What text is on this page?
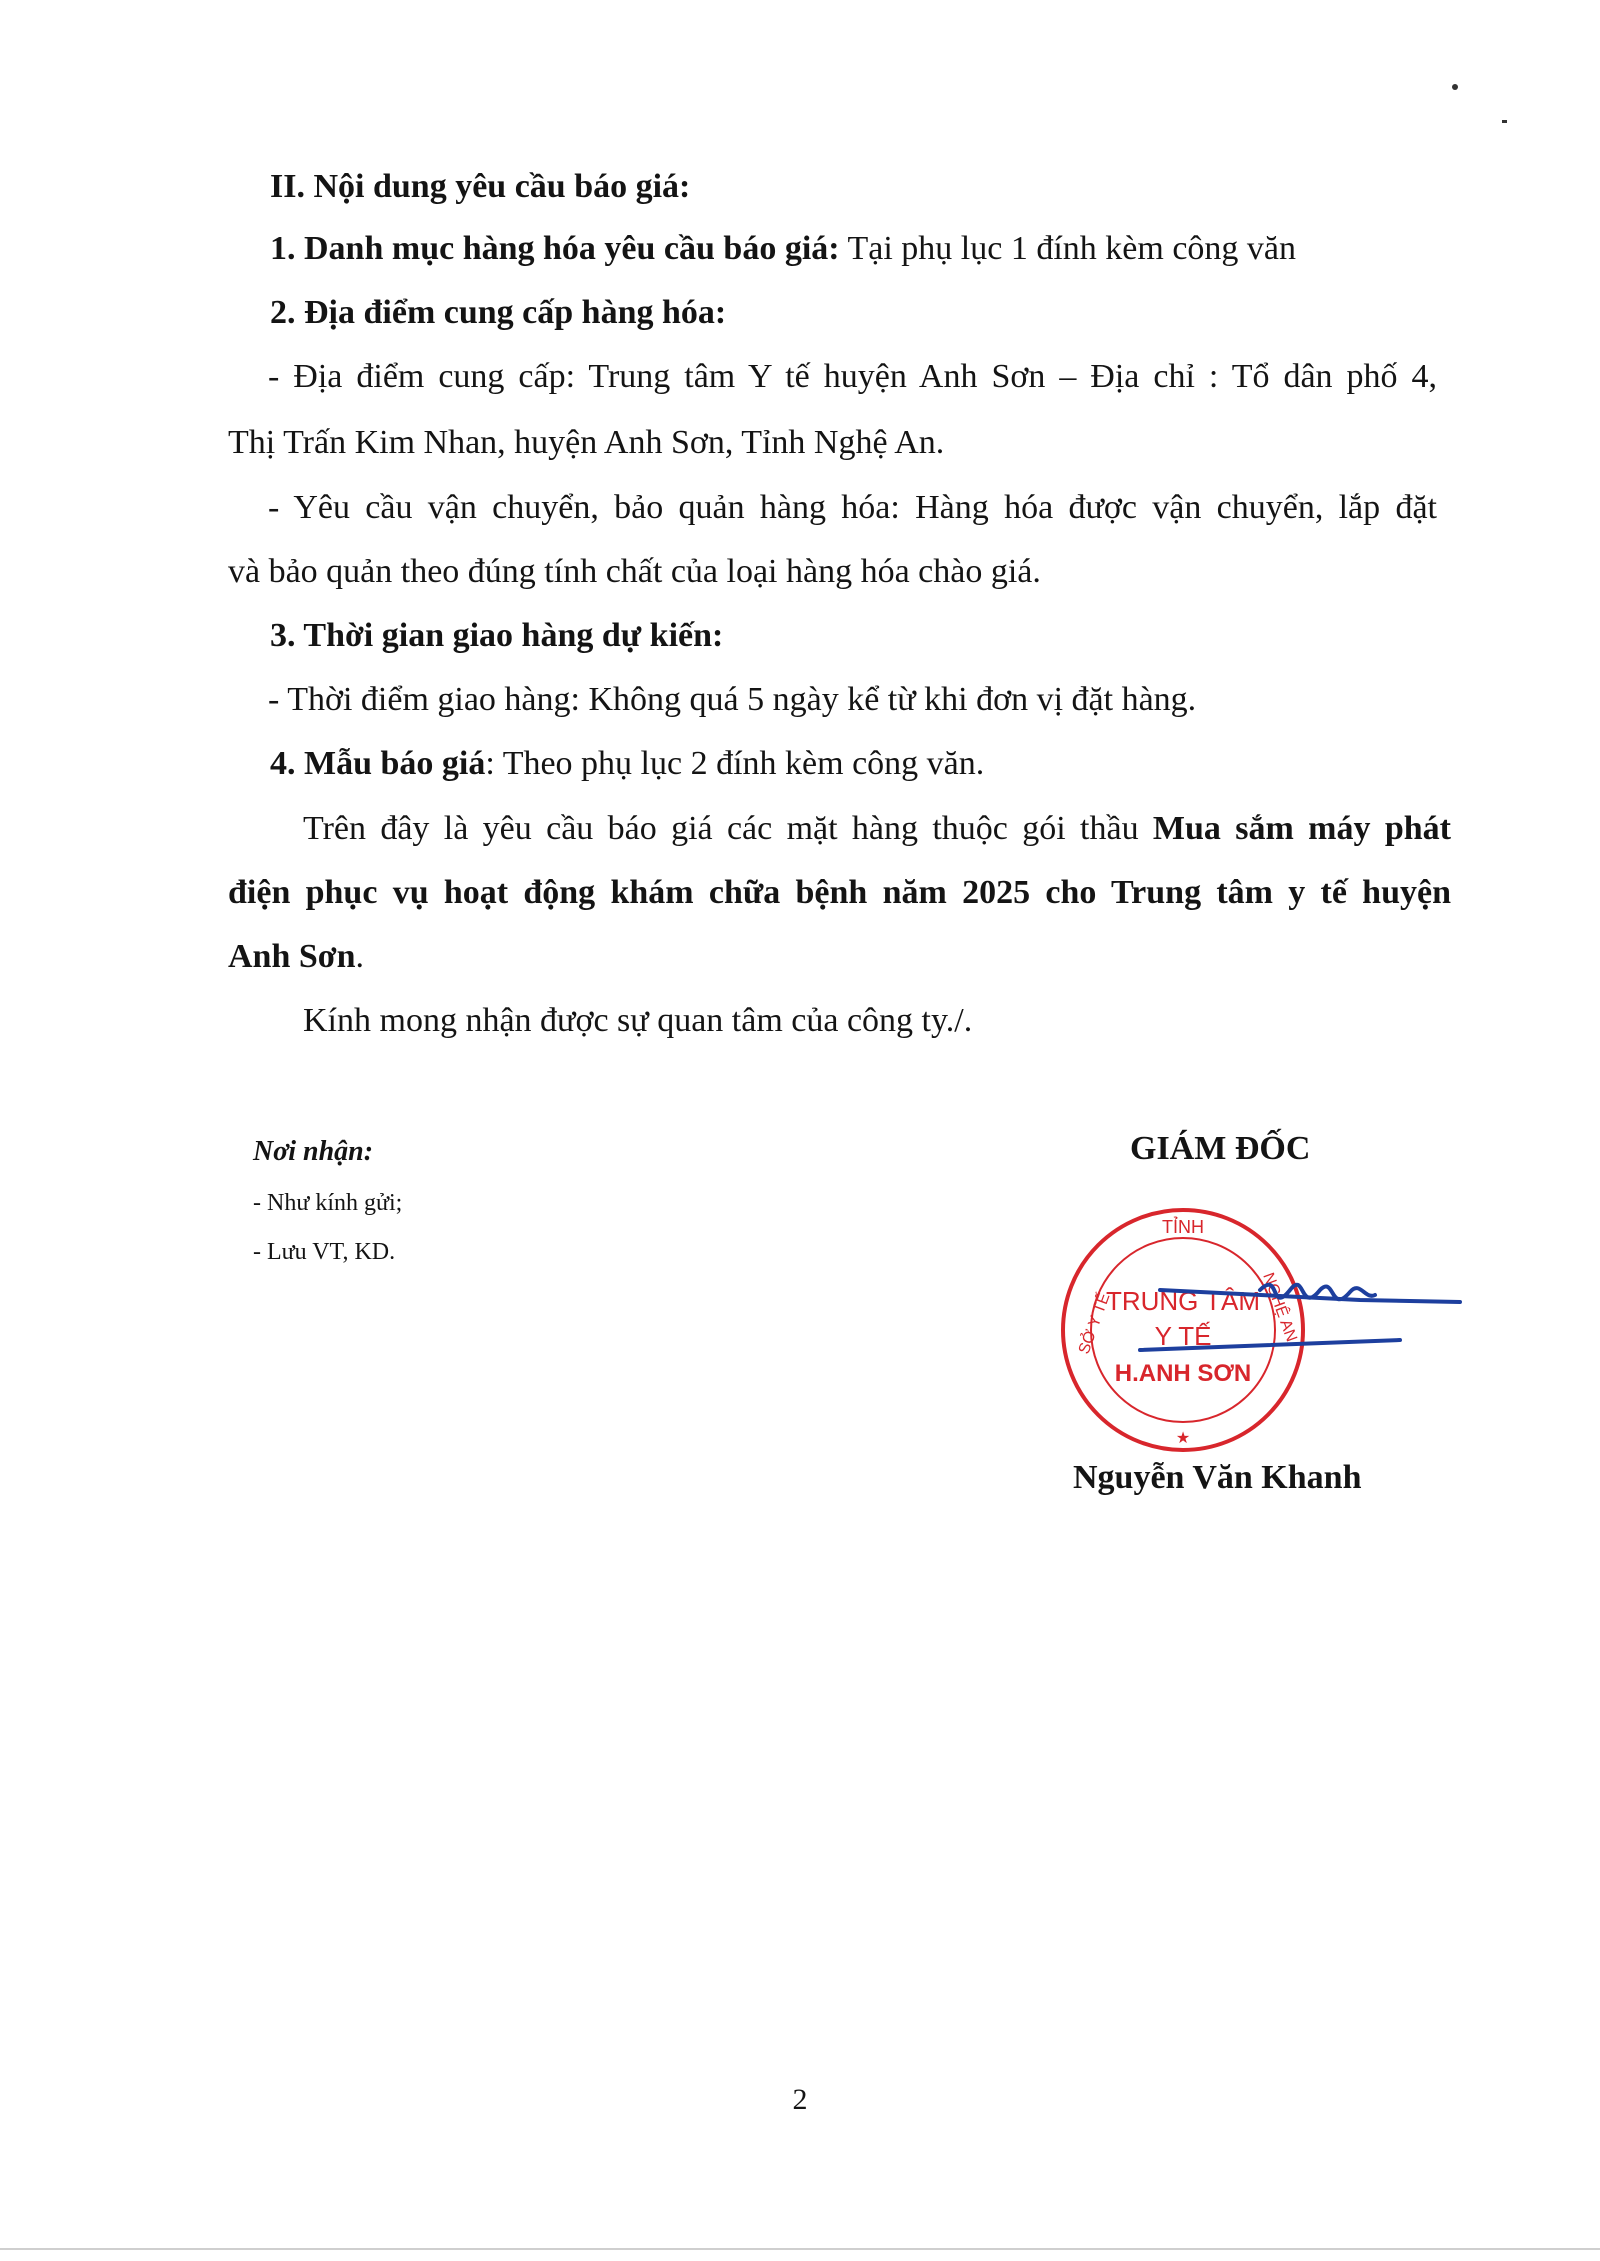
II. Nội dung yêu cầu báo giá:
1. Danh mục hàng hóa yêu cầu báo giá: Tại phụ lục 1 đính kèm công văn
2. Địa điểm cung cấp hàng hóa:
- Địa điểm cung cấp: Trung tâm Y tế huyện Anh Sơn – Địa chỉ : Tổ dân phố 4,
Thị Trấn Kim Nhan, huyện Anh Sơn, Tỉnh Nghệ An.
- Yêu cầu vận chuyển, bảo quản hàng hóa: Hàng hóa được vận chuyển, lắp đặt
và bảo quản theo đúng tính chất của loại hàng hóa chào giá.
3. Thời gian giao hàng dự kiến:
- Thời điểm giao hàng: Không quá 5 ngày kể từ khi đơn vị đặt hàng.
4. Mẫu báo giá: Theo phụ lục 2 đính kèm công văn.
Trên đây là yêu cầu báo giá các mặt hàng thuộc gói thầu Mua sắm máy phát
điện phục vụ hoạt động khám chữa bệnh năm 2025 cho Trung tâm y tế huyện
Anh Sơn.
Kính mong nhận được sự quan tâm của công ty./.
Nơi nhận:
- Như kính gửi;
- Lưu VT, KD.
GIÁM ĐỐC
TỈNH
TRUNG TÂM
Y TẾ
H.ANH SƠN
SỞ Y TẾ	NGHỆ AN
★
Nguyễn Văn Khanh
2
